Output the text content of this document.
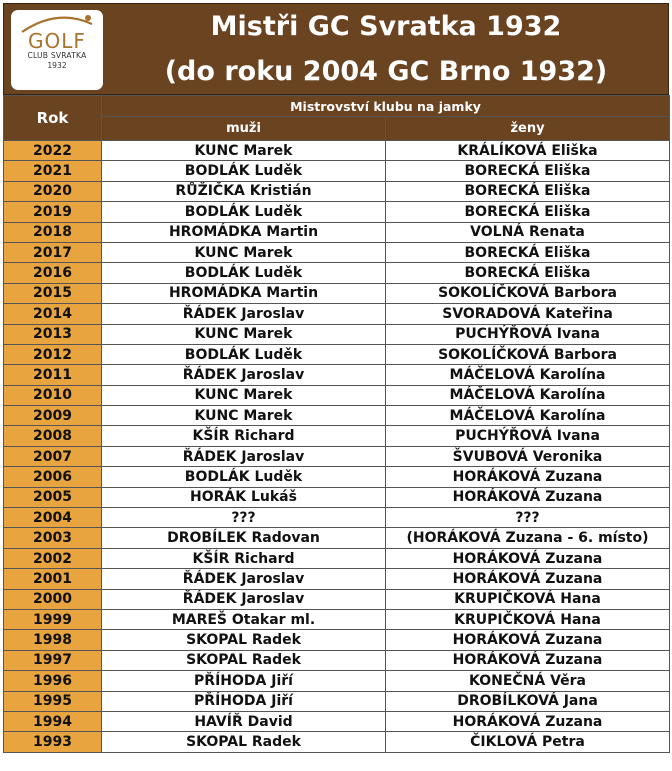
GOLF
CLUB SVRATKA
1932
Mistři GC Svratka 1932
(do roku 2004 GC Brno 1932)
Rok	Mistrovství klubu na jamky	
	muži	ženy
2022	KUNC Marek	KRÁLÍKOVÁ Eliška
2021	BODLÁK Luděk	BORECKÁ Eliška
2020	RŮŽIČKA Kristián	BORECKÁ Eliška
2019	BODLÁK Luděk	BORECKÁ Eliška
2018	HROMÁDKA Martin	VOLNÁ Renata
2017	KUNC Marek	BORECKÁ Eliška
2016	BODLÁK Luděk	BORECKÁ Eliška
2015	HROMÁDKA Martin	SOKOLÍČKOVÁ Barbora
2014	ŘÁDEK Jaroslav	SVORADOVÁ Kateřina
2013	KUNC Marek	PUCHÝŘOVÁ Ivana
2012	BODLÁK Luděk	SOKOLÍČKOVÁ Barbora
2011	ŘÁDEK Jaroslav	MÁČELOVÁ Karolína
2010	KUNC Marek	MÁČELOVÁ Karolína
2009	KUNC Marek	MÁČELOVÁ Karolína
2008	KŠÍR Richard	PUCHÝŘOVÁ Ivana
2007	ŘÁDEK Jaroslav	ŠVUBOVÁ Veronika
2006	BODLÁK Luděk	HORÁKOVÁ Zuzana
2005	HORÁK Lukáš	HORÁKOVÁ Zuzana
2004	???	???
2003	DROBÍLEK Radovan	(HORÁKOVÁ Zuzana - 6. místo)
2002	KŠÍR Richard	HORÁKOVÁ Zuzana
2001	ŘÁDEK Jaroslav	HORÁKOVÁ Zuzana
2000	ŘÁDEK Jaroslav	KRUPIČKOVÁ Hana
1999	MAREŠ Otakar ml.	KRUPIČKOVÁ Hana
1998	SKOPAL Radek	HORÁKOVÁ Zuzana
1997	SKOPAL Radek	HORÁKOVÁ Zuzana
1996	PŘÍHODA Jiří	KONEČNÁ Věra
1995	PŘÍHODA Jiří	DROBÍLKOVÁ Jana
1994	HAVÍŘ David	HORÁKOVÁ Zuzana
1993	SKOPAL Radek	ČIKLOVÁ Petra
